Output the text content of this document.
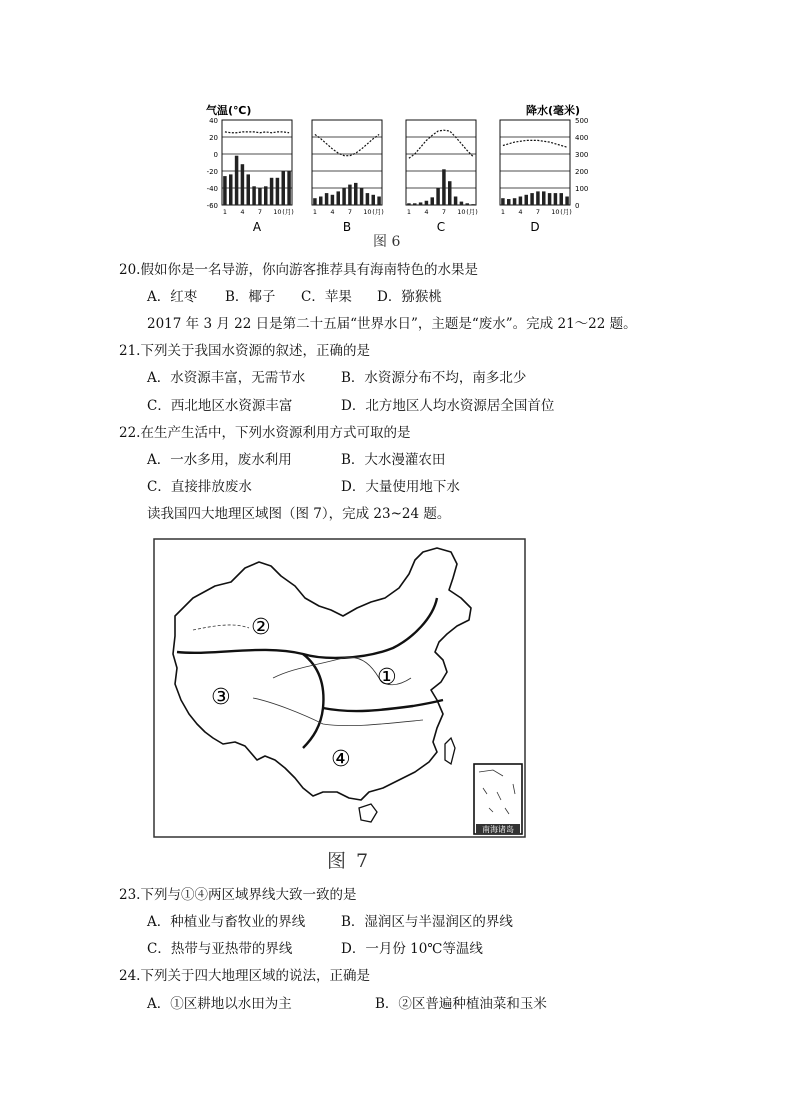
气温(℃)	降水(毫米)
40
20
0
-20
-40
-60
500
400
300
200
100
0
1 4 7 10 (月)
A
1 4 7 10 (月)
B
1 4 7 10 (月)
C
1 4 7 10 (月)
D
图 6
20.假如你是一名导游，你向游客推荐具有海南特色的水果是
A．红枣 B．椰子 C．苹果 D．猕猴桃
2017 年 3 月 22 日是第二十五届“世界水日”，主题是“废水”。完成 21～22 题。
21.下列关于我国水资源的叙述，正确的是
A．水资源丰富，无需节水	B．水资源分布不均，南多北少
C．西北地区水资源丰富	D．北方地区人均水资源居全国首位
22.在生产生活中，下列水资源利用方式可取的是
A．一水多用，废水利用	B．大水漫灌农田
C．直接排放废水	D．大量使用地下水
读我国四大地理区域图（图 7），完成 23~24 题。
①
②
③
④
南海诸岛
图 7
23.下列与①④两区域界线大致一致的是
A．种植业与畜牧业的界线	B．湿润区与半湿润区的界线
C．热带与亚热带的界线	D．一月份 10℃等温线
24.下列关于四大地理区域的说法，正确是
A．①区耕地以水田为主	B．②区普遍种植油菜和玉米
